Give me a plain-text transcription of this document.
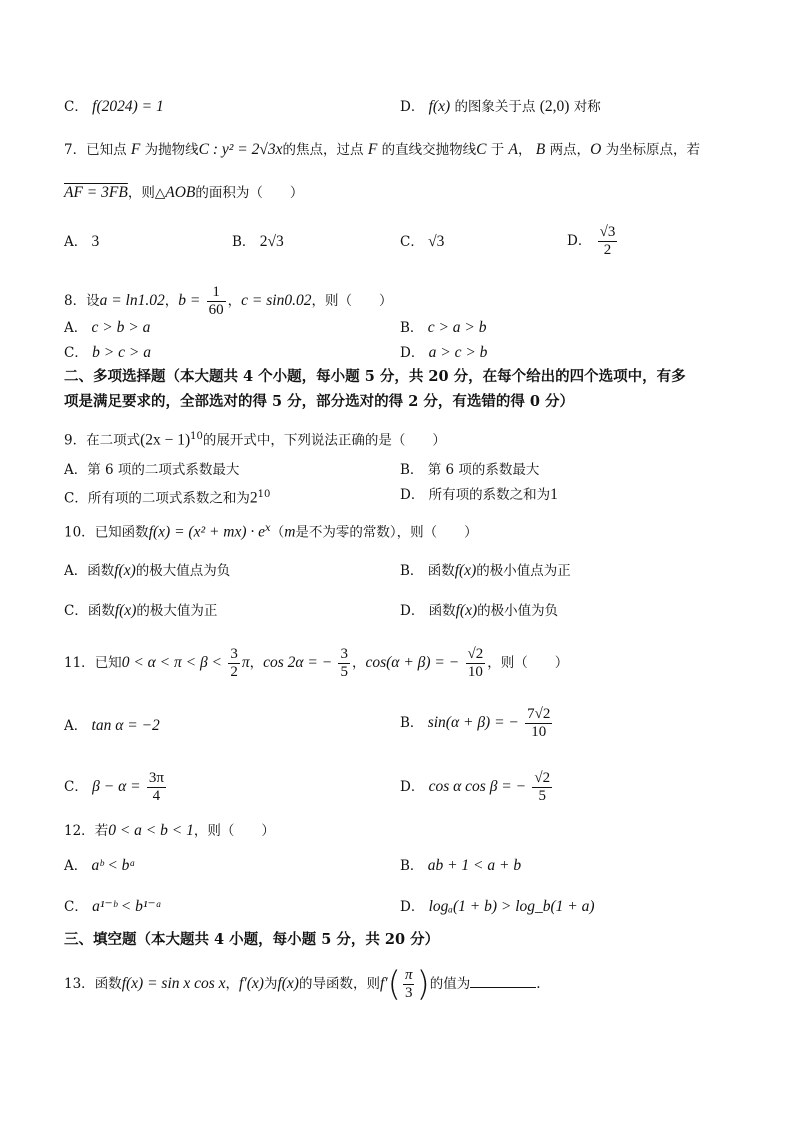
C． f(2024) = 1	D． f(x) 的图象关于点 (2,0) 对称
7．已知点 F 为抛物线C : y² = 2√3x的焦点，过点 F 的直线交抛物线C 于 A， B 两点，O 为坐标原点，若
AF = 3FB，则△AOB的面积为（　　）
A． 3	B． 2√3	C． √3	D． $\frac{√3}{2}$
8．设a = ln1.02，$b = \frac{1}{60}$ ，c = sin0.02，则（　　）
A． c > b > a	B． c > a > b
C． b > c > a	D． a > c > b
二、多项选择题（本大题共 4 个小题，每小题 5 分，共 20 分，在每个给出的四个选项中，有多
项是满足要求的，全部选对的得 5 分，部分选对的得 2 分，有选错的得 0 分）
9．在二项式$(2x - 1)^{10}$的展开式中，下列说法正确的是（　　）
A．第 6 项的二项式系数最大	B． 第 6 项的系数最大
C．所有项的二项式系数之和为$2^{10}$	D． 所有项的系数之和为1
10．已知函数$f(x) = (x^2 + mx) \cdot e^x(m$是不为零的常数），则（　　）
A．函数f(x)的极大值点为负	B． 函数f(x)的极小值点为正
C．函数f(x)的极大值为正	D． 函数f(x)的极小值为负
11．已知$0 < \alpha < \pi < \beta < \frac{3}{2}$ π，cos 2α = − $\frac{3}{5}$ ，cos(α + β) = − $\frac{√2}{10}$ ，则（　　）
A． tan α = −2	B． sin(α + β) = − $\frac{7√2}{10}$
C． $\beta - \alpha = \frac{3\pi}{4}$	D． cos α cos β = − $\frac{√2}{5}$
12．若0 < a < b < 1，则（　　）
A． aᵇ < bᵃ	B． ab + 1 < a + b
C． a¹⁻ᵇ < b¹⁻ᵃ	D． logₐ(1 + b) > log_b(1 + a)
三、填空题（本大题共 4 小题，每小题 5 分，共 20 分）
13．函数f(x) = sin x cos x，f′(x)为f(x)的导函数，则$f'( \frac{\pi}{3}$ )的值为	.
